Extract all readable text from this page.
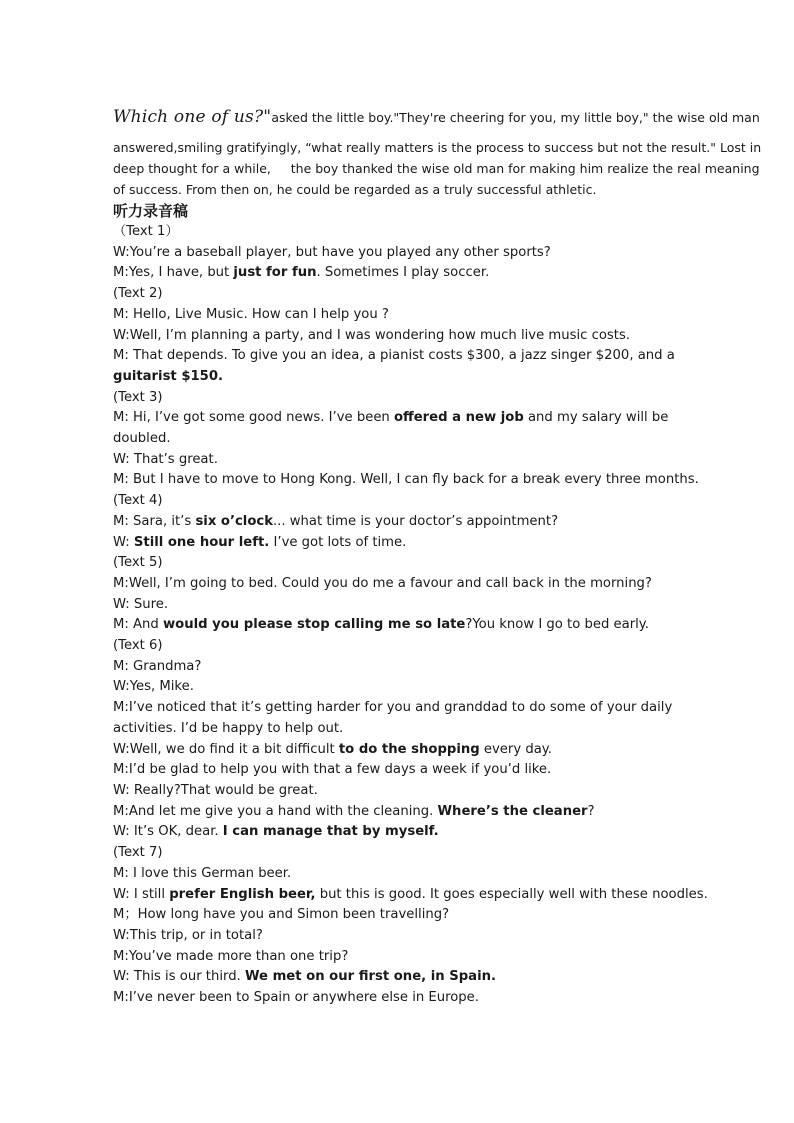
Which one of us?"asked the little boy."They're cheering for you, my little boy," the wise old man
answered,smiling gratifyingly, “what really matters is the process to success but not the result." Lost in
deep thought for a while,     the boy thanked the wise old man for making him realize the real meaning
of success. From then on, he could be regarded as a truly successful athletic.
听力录音稿
（Text 1）
W:You’re a baseball player, but have you played any other sports?
M:Yes, I have, but just for fun. Sometimes I play soccer.
(Text 2)
M: Hello, Live Music. How can I help you ?
W:Well, I’m planning a party, and I was wondering how much live music costs.
M: That depends. To give you an idea, a pianist costs $300, a jazz singer $200, and a
guitarist $150.
(Text 3)
M: Hi, I’ve got some good news. I’ve been offered a new job and my salary will be
doubled.
W: That’s great.
M: But I have to move to Hong Kong. Well, I can fly back for a break every three months.
(Text 4)
M: Sara, it’s six o’clock... what time is your doctor’s appointment?
W: Still one hour left. I’ve got lots of time.
(Text 5)
M:Well, I’m going to bed. Could you do me a favour and call back in the morning?
W: Sure.
M: And would you please stop calling me so late?You know I go to bed early.
(Text 6)
M: Grandma?
W:Yes, Mike.
M:I’ve noticed that it’s getting harder for you and granddad to do some of your daily
activities. I’d be happy to help out.
W:Well, we do find it a bit difficult to do the shopping every day.
M:I’d be glad to help you with that a few days a week if you’d like.
W: Really?That would be great.
M:And let me give you a hand with the cleaning. Where’s the cleaner?
W: It’s OK, dear. I can manage that by myself.
(Text 7)
M: I love this German beer.
W: I still prefer English beer, but this is good. It goes especially well with these noodles.
M；How long have you and Simon been travelling?
W:This trip, or in total?
M:You’ve made more than one trip?
W: This is our third. We met on our first one, in Spain.
M:I’ve never been to Spain or anywhere else in Europe.
